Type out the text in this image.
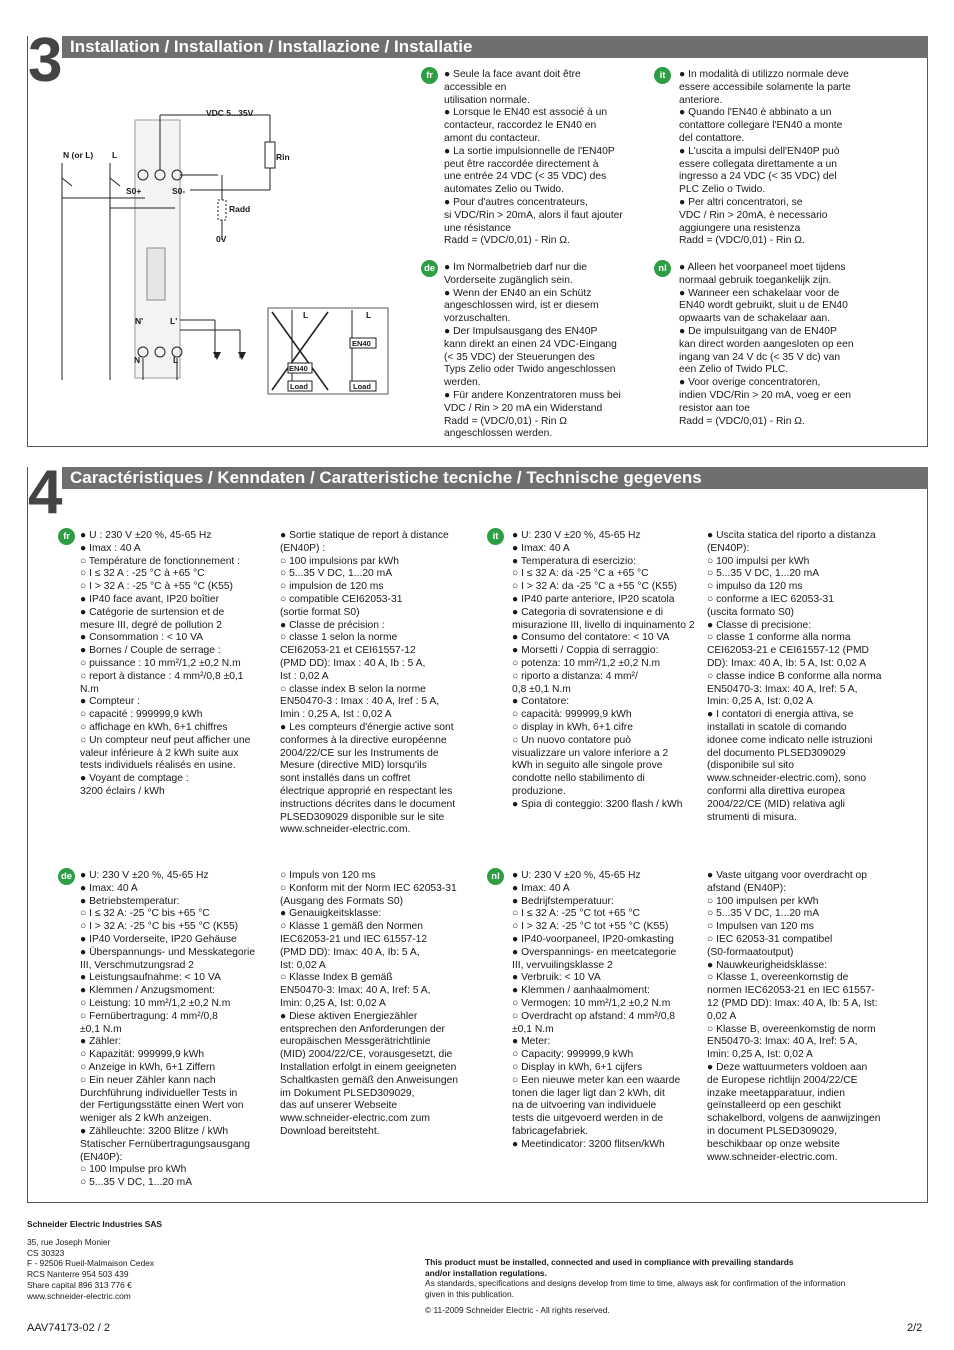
3 Installation / Installation / Installazione / Installatie
VDC 5...35V
N (or L) L	Rin
S0+	S0-
Radd
0V
N'	L'
N	L
L	L
EN40
Load
EN40
Load
fr	● Seule la face avant doit être

accessible en

utilisation normale.

● Lorsque le EN40 est associé à un

contacteur, raccordez le EN40 en

amont du contacteur.

● La sortie impulsionnelle de l'EN40P

peut être raccordée directement à

une entrée 24 VDC (< 35 VDC) des

automates Zelio ou Twido.

● Pour d'autres concentrateurs,

si VDC/Rin > 20mA, alors il faut ajouter

une résistance

Radd = (VDC/0,01) - Rin Ω.

it	● In modalità di utilizzo normale deve

essere accessibile solamente la parte

anteriore.

● Quando l'EN40 è abbinato a un

contattore collegare l'EN40 a monte

del contattore.

● L'uscita a impulsi dell'EN40P può

essere collegata direttamente a un

ingresso a 24 VDC (< 35 VDC) del

PLC Zelio o Twido.

● Per altri concentratori, se

VDC / Rin > 20mA, è necessario

aggiungere una resistenza

Radd = (VDC/0,01) - Rin Ω.

de ● Im Normalbetrieb darf nur die

Vorderseite zugänglich sein.

● Wenn der EN40 an ein Schütz

angeschlossen wird, ist er diesem

vorzuschalten.

● Der Impulsausgang des EN40P

kann direkt an einen 24 VDC-Eingang

(< 35 VDC) der Steuerungen des

Typs Zelio oder Twido angeschlossen

werden.

● Für andere Konzentratoren muss bei

VDC / Rin > 20 mA ein Widerstand

Radd = (VDC/0,01) - Rin Ω

angeschlossen werden.

nl	● Alleen het voorpaneel moet tijdens

normaal gebruik toegankelijk zijn.

● Wanneer een schakelaar voor de

EN40 wordt gebruikt, sluit u de EN40

opwaarts van de schakelaar aan.

● De impulsuitgang van de EN40P

kan direct worden aangesloten op een

ingang van 24 V dc (< 35 V dc) van

een Zelio of Twido PLC.

● Voor overige concentratoren,

indien VDC/Rin > 20 mA, voeg er een

resistor aan toe

Radd = (VDC/0,01) - Rin Ω.

4 Caractéristiques / Kenndaten / Caratteristiche tecniche / Technische gegevens
fr ● U : 230 V ±20 %, 45-65 Hz

● Imax : 40 A

○ Température de fonctionnement :

○ I ≤ 32 A : -25 °C à +65 °C

○ I > 32 A : -25 °C à +55 °C (K55)

● IP40 face avant, IP20 boîtier

● Catégorie de surtension et de

mesure III, degré de pollution 2

● Consommation : < 10 VA

● Bornes / Couple de serrage :

○ puissance : 10 mm²/1,2 ±0,2 N.m

○ report à distance : 4 mm²/0,8 ±0,1

N.m

● Compteur :

○ capacité : 999999,9 kWh

○ affichage en kWh, 6+1 chiffres

○ Un compteur neuf peut afficher une

valeur inférieure à 2 kWh suite aux

tests individuels réalisés en usine.

● Voyant de comptage :

3200 éclairs / kWh

● Sortie statique de report à distance

(EN40P) :

○ 100 impulsions par kWh

○ 5...35 V DC, 1...20 mA

○ impulsion de 120 ms

○ compatible CEI62053-31

(sortie format S0)

● Classe de précision :

○ classe 1 selon la norme

CEI62053-21 et CEI61557-12

(PMD DD): Imax : 40 A, Ib : 5 A,

Ist : 0,02 A

○ classe index B selon la norme

EN50470-3 : Imax : 40 A, Iref : 5 A,

Imin : 0,25 A, Ist : 0,02 A

● Les compteurs d'énergie active sont

conformes à la directive européenne

2004/22/CE sur les Instruments de

Mesure (directive MID) lorsqu'ils

sont installés dans un coffret

électrique approprié en respectant les

instructions décrites dans le document

PLSED309029 disponible sur le site

www.schneider-electric.com.

it	● U: 230 V ±20 %, 45-65 Hz

● Imax: 40 A

● Temperatura di esercizio:

○ I ≤ 32 A: da -25 °C a +65 °C

○ I > 32 A: da -25 °C a +55 °C (K55)

● IP40 parte anteriore, IP20 scatola

● Categoria di sovratensione e di

misurazione III, livello di inquinamento 2

● Consumo del contatore: < 10 VA

● Morsetti / Coppia di serraggio:

○ potenza: 10 mm²/1,2 ±0,2 N.m

○ riporto a distanza: 4 mm²/

0,8 ±0,1 N.m

● Contatore:

○ capacità: 999999,9 kWh

○ display in kWh, 6+1 cifre

○ Un nuovo contatore può

visualizzare un valore inferiore a 2

kWh in seguito alle singole prove

condotte nello stabilimento di

produzione.

● Spia di conteggio: 3200 flash / kWh

● Uscita statica del riporto a distanza

(EN40P):

○ 100 impulsi per kWh

○ 5...35 V DC, 1...20 mA

○ impulso da 120 ms

○ conforme a IEC 62053-31

(uscita formato S0)

● Classe di precisione:

○ classe 1 conforme alla norma

CEI62053-21 e CEI61557-12 (PMD

DD): Imax: 40 A, Ib: 5 A, Ist: 0,02 A

○ classe indice B conforme alla norma

EN50470-3: Imax: 40 A, Iref: 5 A,

Imin: 0,25 A, Ist: 0,02 A

● I contatori di energia attiva, se

installati in scatole di comando

idonee come indicato nelle istruzioni

del documento PLSED309029

(disponibile sul sito

www.schneider-electric.com), sono

conformi alla direttiva europea

2004/22/CE (MID) relativa agli

strumenti di misura.

de ● U: 230 V ±20 %, 45-65 Hz

● Imax: 40 A

● Betriebstemperatur:

○ I ≤ 32 A: -25 °C bis +65 °C

○ I > 32 A: -25 °C bis +55 °C (K55)

● IP40 Vorderseite, IP20 Gehäuse

● Überspannungs- und Messkategorie

III, Verschmutzungsrad 2

● Leistungsaufnahme: < 10 VA

● Klemmen / Anzugsmoment:

○ Leistung: 10 mm²/1,2 ±0,2 N.m

○ Fernübertragung: 4 mm²/0,8

±0,1 N.m

● Zähler:

○ Kapazität: 999999,9 kWh

○ Anzeige in kWh, 6+1 Ziffern

○ Ein neuer Zähler kann nach

Durchführung individueller Tests in

der Fertigungsstätte einen Wert von

weniger als 2 kWh anzeigen.

● Zählleuchte: 3200 Blitze / kWh

Statischer Fernübertragungsausgang

(EN40P):

○ 100 Impulse pro kWh

○ 5...35 V DC, 1...20 mA

○ Impuls von 120 ms

○ Konform mit der Norm IEC 62053-31

(Ausgang des Formats S0)

● Genauigkeitsklasse:

○ Klasse 1 gemäß den Normen

IEC62053-21 und IEC 61557-12

(PMD DD): Imax: 40 A, Ib: 5 A,

Ist: 0,02 A

○ Klasse Index B gemäß

EN50470-3: Imax: 40 A, Iref: 5 A,

Imin: 0,25 A, Ist: 0,02 A

● Diese aktiven Energiezähler

entsprechen den Anforderungen der

europäischen Messgerätrichtlinie

(MID) 2004/22/CE, vorausgesetzt, die

Installation erfolgt in einem geeigneten

Schaltkasten gemäß den Anweisungen

im Dokument PLSED309029,

das auf unserer Webseite

www.schneider-electric.com zum

Download bereitsteht.

nl	● U: 230 V ±20 %, 45-65 Hz

● Imax: 40 A

● Bedrijfstemperatuur:

○ I ≤ 32 A: -25 °C tot +65 °C

○ I > 32 A: -25 °C tot +55 °C (K55)

● IP40-voorpaneel, IP20-omkasting

● Overspannings- en meetcategorie

III, vervuilingsklasse 2

● Verbruik: < 10 VA

● Klemmen / aanhaalmoment:

○ Vermogen: 10 mm²/1,2 ±0,2 N.m

○ Overdracht op afstand: 4 mm²/0,8

±0,1 N.m

● Meter:

○ Capacity: 999999,9 kWh

○ Display in kWh, 6+1 cijfers

○ Een nieuwe meter kan een waarde

tonen die lager ligt dan 2 kWh, dit

na de uitvoering van individuele

tests die uitgevoerd werden in de

fabricagefabriek.

● Meetindicator: 3200 flitsen/kWh

● Vaste uitgang voor overdracht op

afstand (EN40P):

○ 100 impulsen per kWh

○ 5...35 V DC, 1...20 mA

○ Impulsen van 120 ms

○ IEC 62053-31 compatibel

(S0-formaatoutput)

● Nauwkeurigheidsklasse:

○ Klasse 1, overeenkomstig de

normen IEC62053-21 en IEC 61557-

12 (PMD DD): Imax: 40 A, Ib: 5 A, Ist:

0,02 A

○ Klasse B, overeenkomstig de norm

EN50470-3: Imax: 40 A, Iref: 5 A,

Imin: 0,25 A, Ist: 0,02 A

● Deze wattuurmeters voldoen aan

de Europese richtlijn 2004/22/CE

inzake meetapparatuur, indien

geïnstalleerd op een geschikt

schakelbord, volgens de aanwijzingen

in document PLSED309029,

beschikbaar op onze website

www.schneider-electric.com.

Schneider Electric Industries SAS

35, rue Joseph Monier

CS 30323

F - 92506 Rueil-Malmaison Cedex

RCS Nanterre 954 503 439

Share capital 896 313 776 €

www.schneider-electric.com

This product must be installed, connected and used in compliance with prevailing standards

and/or installation regulations.

As standards, specifications and designs develop from time to time, always ask for confirmation of the information

given in this publication.

© 11-2009 Schneider Electric - All rights reserved.

AAV74173-02 / 2	2/2
